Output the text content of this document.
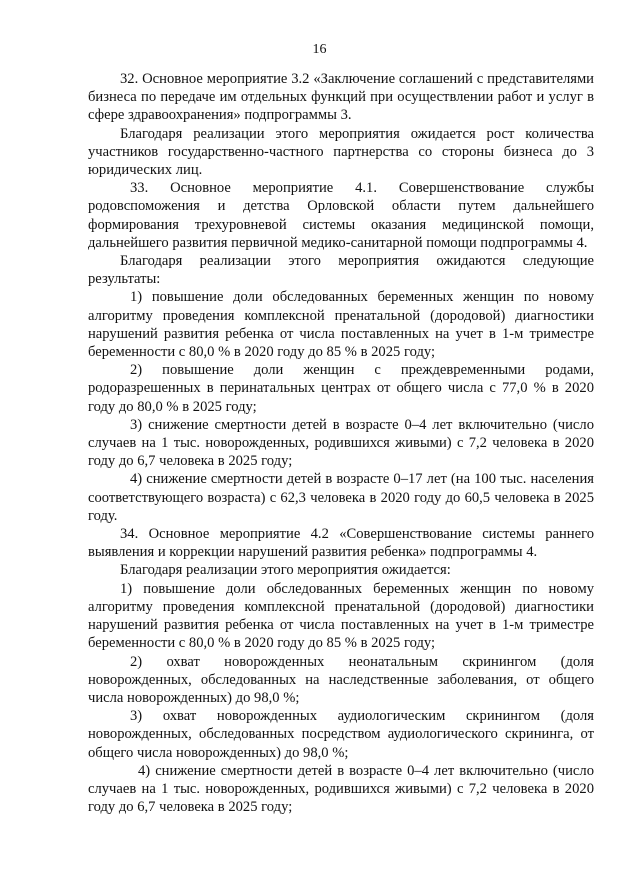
16

32. Основное мероприятие 3.2 «Заключение соглашений с представителями бизнеса по передаче им отдельных функций при осуществлении работ и услуг в сфере здравоохранения» подпрограммы 3.

Благодаря реализации этого мероприятия ожидается рост количества участников государственно-частного партнерства со стороны бизнеса до 3 юридических лиц.

33. Основное мероприятие 4.1. Совершенствование службы родовспоможения и детства Орловской области путем дальнейшего формирования трехуровневой системы оказания медицинской помощи, дальнейшего развития первичной медико-санитарной помощи подпрограммы 4.

Благодаря реализации этого мероприятия ожидаются следующие результаты:

1) повышение доли обследованных беременных женщин по новому алгоритму проведения комплексной пренатальной (дородовой) диагностики нарушений развития ребенка от числа поставленных на учет в 1-м триместре беременности с 80,0 % в 2020 году до 85 % в 2025 году;

2) повышение доли женщин с преждевременными родами, родоразрешенных в перинатальных центрах от общего числа с 77,0 % в 2020 году до 80,0 % в 2025 году;

3) снижение смертности детей в возрасте 0–4 лет включительно (число случаев на 1 тыс. новорожденных, родившихся живыми) с 7,2 человека в 2020 году до 6,7 человека в 2025 году;

4) снижение смертности детей в возрасте 0–17 лет (на 100 тыс. населения соответствующего возраста) с 62,3 человека в 2020 году до 60,5 человека в 2025 году.

34. Основное мероприятие 4.2 «Совершенствование системы раннего выявления и коррекции нарушений развития ребенка» подпрограммы 4.

Благодаря реализации этого мероприятия ожидается:

1) повышение доли обследованных беременных женщин по новому алгоритму проведения комплексной пренатальной (дородовой) диагностики нарушений развития ребенка от числа поставленных на учет в 1-м триместре беременности с 80,0 % в 2020 году до 85 % в 2025 году;

2) охват новорожденных неонатальным скринингом (доля новорожденных, обследованных на наследственные заболевания, от общего числа новорожденных) до 98,0 %;

3) охват новорожденных аудиологическим скринингом (доля новорожденных, обследованных посредством аудиологического скрининга, от общего числа новорожденных) до 98,0 %;

4) снижение смертности детей в возрасте 0–4 лет включительно (число случаев на 1 тыс. новорожденных, родившихся живыми) с 7,2 человека в 2020 году до 6,7 человека в 2025 году;
